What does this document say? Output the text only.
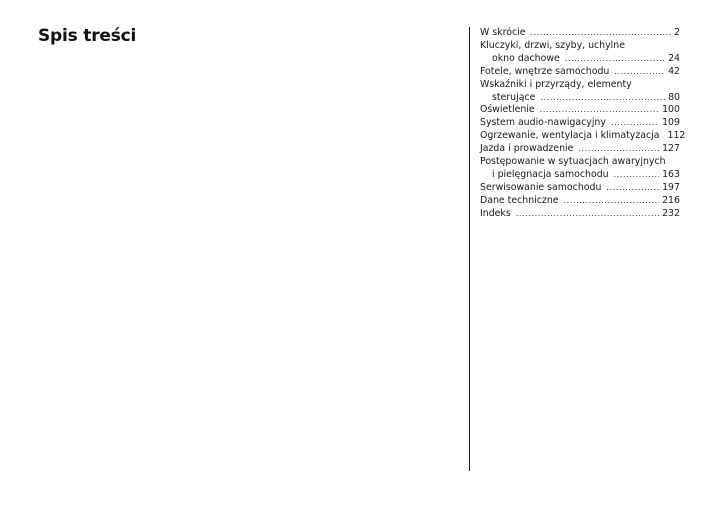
Spis treści	W skrócie .....	2
Kluczyki, drzwi, szyby, uchylne
okno dachowe .....	24
Fotele, wnętrze samochodu .....	42
Wskaźniki i przyrządy, elementy
sterujące .....	80
Oświetlenie .....	100
System audio-nawigacyjny .....	109
Ogrzewanie, wentylacja i klimatyzacja 112
Jazda i prowadzenie .....	127
Postępowanie w sytuacjach awaryjnych
i pielęgnacja samochodu .....	163
Serwisowanie samochodu .....	197
Dane techniczne .....	216
Indeks .....	232
